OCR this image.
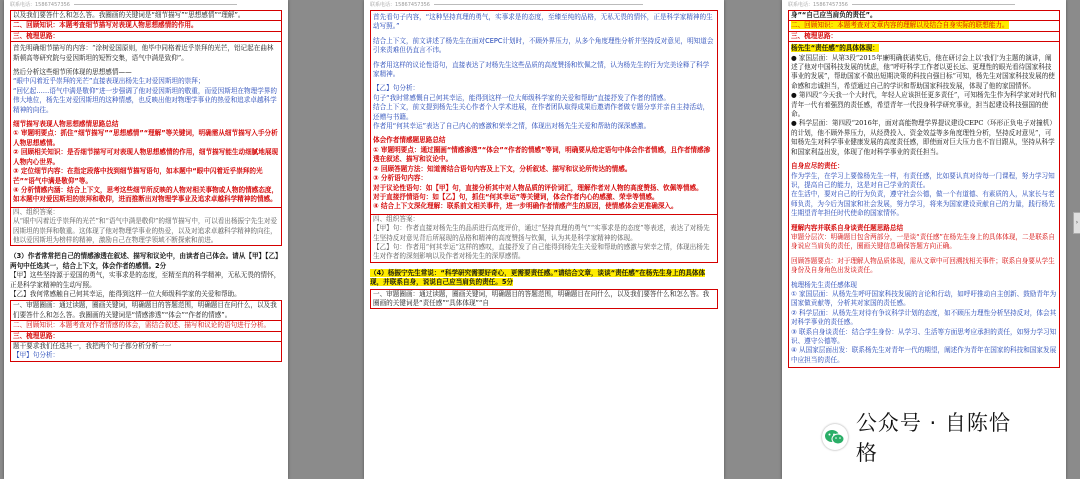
联系电话：15867457356
以及我们要答什么和怎么答。我圈画的关键词是“细节描写”“思想感情”“理解”。
二、回顾知识：本题考查细节描写对表现人物思想感情的作用。
三、梳理思路：

首先明确细节描写的内容：“涂树爱国原则，他毕中同格着近乎崇拜的光芒，铝记起在曲林斯顿高等研究院与爱因斯坦的短暂交集，语气中满是致仰”。

然后分析这些细节所体现的思想感情——

“眼中闪着近乎崇拜的光芒”直接表现出杨先生对爱因斯坦的崇拜；

“回忆起……语气中满是敬仰”进一步强调了他对爱因斯坦的敬重，而爱因斯坦在物理学界的伟大地位，杨先生对爱因斯坦的这种情感，也反映出他对物理学事业的热爱和追求卓越科学精神的向往。

细节描写表现人物思想感情思路总结

① 审题明要点：抓住“细节描写”“思想感情”“理解”等关键词，明确需从细节描写入手分析人物思想感情。

② 回顾相关知识：是否细节描写可对表现人物思想感情的作用，细节描写能生动细腻地展现人物内心世界。

③ 定位细节内容：在指定段落中找到细节描写语句，如本题中“眼中闪着近乎崇拜的光芒”“语气中满是敬仰”等。

④ 分析情感内涵：结合上下文，思考这些细节所反映的人物对相关事物或人物的情感态度，如本题中对爱因斯坦的崇拜和敬仰，进而推断出对物理学事业及追求卓越科学精神的情感。

四、组织答案：

从“眼中闪着近乎崇拜的光芒”和“语气中满是敬仰”的细节描写中，可以看出杨振宁先生对爱因斯坦的崇拜和敬重。这体现了他对物理学事业的热爱，以及对追求卓越科学精神的向往，他以爱因斯坦为榜样的精神，激励自己在物理学领域不断探索和前进。

（3）作者常常把自己的情感渗透在叙述、描写和议论中，由读者自己体会。请从【甲】【乙】两句中任选其一，结合上下文，体会作者的感情。2分

【甲】这些坚持源于爱国的勇气，实事求是的态度，至精至真的科学精神，无私无畏的情怀，正是科学家精神的生动写照。

【乙】我何常感触自己何其幸运，能得到这样一位大师级科学家的关爱和帮助。

一、审题圈画：通过读题，圈画关键词，明确题目的答题范围，明确题目在问什么，以及我们要答什么和怎么答。我圈画的关键词是“情感渗透”“体会”“作者的情感”。
二、回顾知识：本题考查对作者情感的体会，需结合叙述、描写和议论的语句进行分析。
三、梳理思路：

题干要求我们任选其一，我把两个句子都分析分析一一

【甲】句分析：

联系电话：15867457356

首先看句子内容，“这种坚持真理的勇气，实事求是的态度，至臻至纯的品格，无私无畏的情怀，正是科学家精神的生动写照。”

结合上下文，前文讲述了杨先生在面对CEPC计划时，不顾外界压力，从多个角度理性分析并坚持反对意见，明知道会引来责难但仍直言不讳。

作者用这样的议论性语句，直接表达了对杨先生这些品质的高度赞扬和钦佩之情，认为杨先生的行为完美诠释了科学家精神。

【乙】句分析：

句子“我时常感慨自己何其幸运，能得到这样一位大师级科学家的关爱和帮助”直接抒发了作者的情感。

结合上下文，前文提到杨先生关心作者个人学术进展，在作者团队取得成果后邀请作者做专题分享并亲自主持活动，还赠与书籍。

作者用“何其幸运”表达了自己内心的感激和荣幸之情，体现出对杨先生关爱和帮助的深深感激。

体会作者情感题思路总结

① 审题明要点：通过圈画“情感渗透”“体会”“作者的情感”等词，明确要从给定语句中体会作者情感，且作者情感渗透在叙述、描写和议论中。

② 回顾答题方法：知道需结合语句内容及上下文，分析叙述、描写和议论所传达的情感。

③ 分析语句内容：

对于议论性语句：如【甲】句，直接分析其中对人物品质的评价词汇，理解作者对人物的高度赞扬、钦佩等情感。

对于直接抒情语句：如【乙】句，抓住“何其幸运”等关键词，体会作者内心的感激、荣幸等情感。

④ 结合上下文深化理解：联系前文相关事件，进一步明确作者情感产生的原因，使情感体会更准确深入。

四、组织答案：

【甲】句：作者直接对杨先生的品质进行高度评价，通过“坚持真理的勇气”“实事求是的态度”等表述，表达了对杨先生坚持反对意见背后所展现的品格和精神的高度赞扬与钦佩，认为其是科学家精神的体现。

【乙】句：作者用“何其幸运”这样的感叹，直接抒发了自己能得到杨先生关爱和帮助的感激与荣幸之情，体现出杨先生对作者的深刻影响以及作者对杨先生的深厚感情。

（4）杨振宁先生常说：“科学研究需要好奇心，更需要责任感。”请结合文章，谈谈“责任感”在杨先生身上的具体体现，并联系自身，说说自己应当肩负的责任。5分

一、审题圈画：通过读题，圈画关键词，明确题目的答题范围，明确题目在问什么，以及我们要答什么和怎么答。我圈画的关键词是“责任感”“具体体现”“自
联系电话：15867457356
身”“自己应当肩负的责任”。
二、回顾知识：本题考查对文章内容的理解以及结合自身实际的联想能力。
三、梳理思路：

杨先生“责任感”的具体体现：

● 家国层面：从第3段“2015年廉明确获诺奖后，他在研讨会上以‘我们’为主题的演讲，阐述了他对中国科技发展的忧虑，他“呼吁科学工作者以更长远、更理性的眼光看待国家科技事业的发展”，帮助国家不做出短期决策的科技自强目标”可知，杨先生对国家科技发展的使命感和忠诚担当，希望通过自己的学识和帮助国家科技发展，体现了他的家国情怀。

● 第四段“今天我一个大时代，年轻人应该担任更多责任”，可知杨先生作为科学家对时代和青年一代有着强烈的责任感，希望青年一代投身科学研究事业，担当起建设科技强国的使命。

● 科学层面：第四段“2016年，面对高能物理学界提议建设CEPC（环形正负电子对撞机）的计划，他不顾外界压力，从经费投入、资金效益等多角度理性分析，坚持反对意见”，可知杨先生对科学事业健康发展的高度责任感，即使面对巨大压力也不盲目跟从，坚持从科学和国家利益出发，体现了他对科学事业的责任担当。

自身应尽的责任：

作为学生，在学习上要像杨先生一样，有责任感，比如要认真对待每一门课程，努力学习知识，提高自己的能力，这是对自己学业的责任。

在生活中，要对自己的行为负责，遵守社会公德，做一个有道德、有素质的人，从家长与老师负责，为今后为国家和社会发展，努力学习，将来为国家建设贡献自己的力量，践行杨先生期望青年担任时代使命的国家情怀。

理解内容并联系自身谈责任题思路总结

审题分层次：明确题目包含两部分，一是谈“责任感”在杨先生身上的具体体现，二是联系自身说应当肩负的责任，圈画关键信息确保答题方向正确。

回顾答题要点：对于理解人物品质体现，需从文章中可回溯找相关事件；联系自身要从学生身份及自身角色出发谈责任。

梳理杨先生责任感体现

① 家国层面：从杨先生呼吁国家科技发展的言论和行动，如呼吁推动自主创新、鼓励青年为国家做贡献等，分析其对家国的责任感。

② 科学层面：从杨先生对待有争议科学计划的态度，如不顾压力理性分析坚持反对，体会其对科学事业的责任感。

③ 联系自身谈责任：结合学生身份：从学习、生活等方面思考应承担的责任，如努力学习知识、遵守公德等。

④ 从国家层面出发：联系杨先生对青年一代的期望，阐述作为青年在国家的科技和国家发展中应担当的责任。

›
公众号 · 自陈恰格
